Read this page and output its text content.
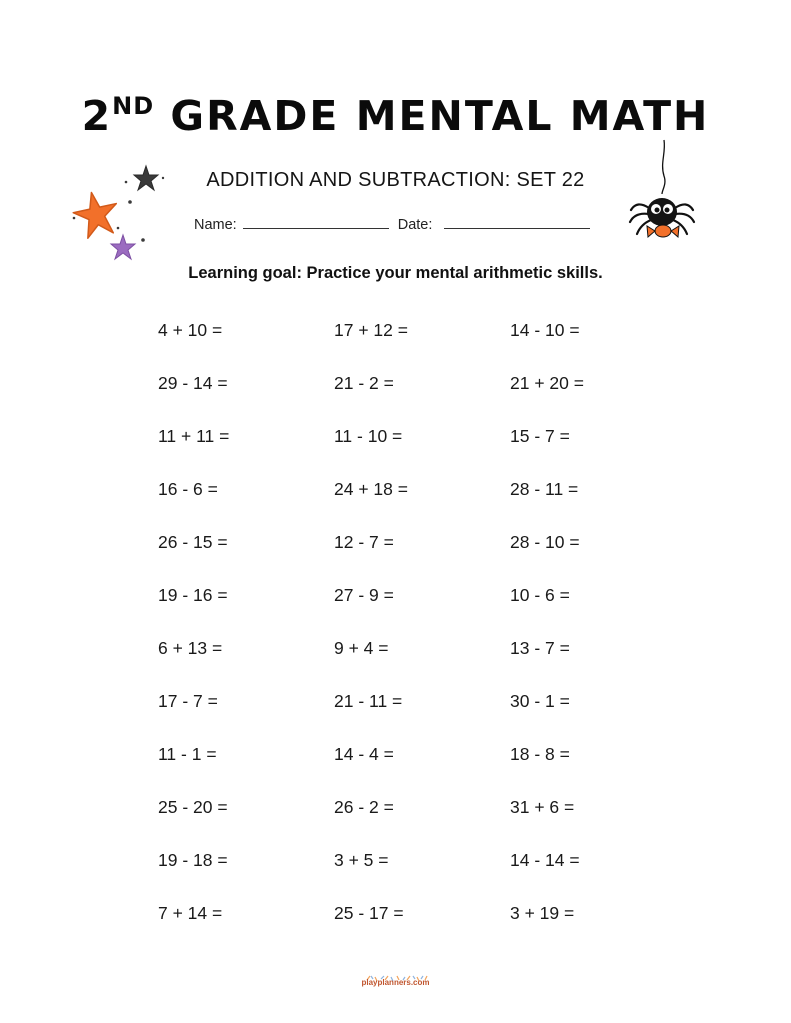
2ND GRADE MENTAL MATH
ADDITION AND SUBTRACTION: SET 22
Name:	Date:
Learning goal: Practice your mental arithmetic skills.
4 + 10 =	17 + 12 =	14 - 10 =
29 - 14 =	21 - 2 =	21 + 20 =
11 + 11 =	11 - 10 =	15 - 7 =
16 - 6 =	24 + 18 =	28 - 11 =
26 - 15 =	12 - 7 =	28 - 10 =
19 - 16 =	27 - 9 =	10 - 6 =
6 + 13 =	9 + 4 =	13 - 7 =
17 - 7 =	21 - 11 =	30 - 1 =
11 - 1 =	14 - 4 =	18 - 8 =
25 - 20 =	26 - 2 =	31 + 6 =
19 - 18 =	3 + 5 =	14 - 14 =
7 + 14 =	25 - 17 =	3 + 19 =
playplanners.com
